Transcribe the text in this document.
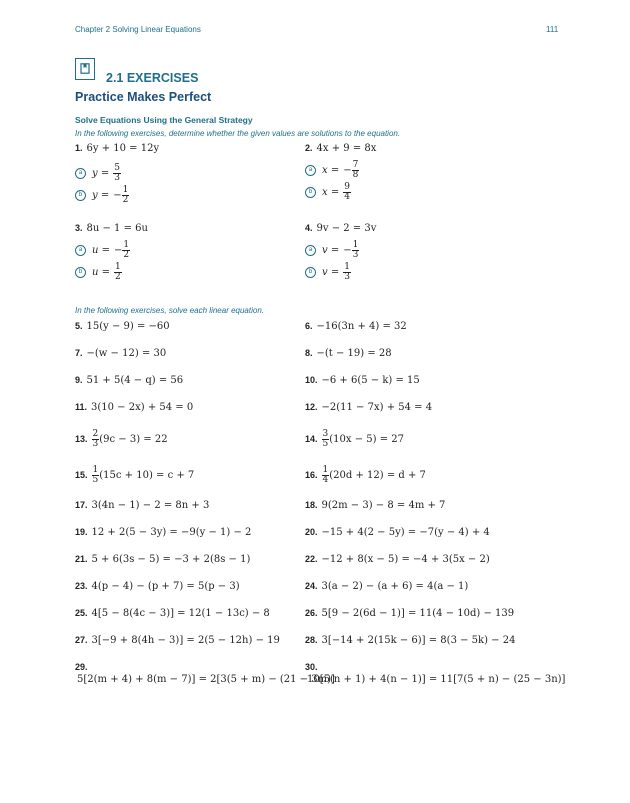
Chapter 2 Solving Linear Equations	111
2.1 EXERCISES
Practice Makes Perfect
Solve Equations Using the General Strategy
In the following exercises, determine whether the given values are solutions to the equation.
1. 6y + 10 = 12y
a $y = \frac{5}{3}$
b y = − $\frac{1}{2}$
2. 4x + 9 = 8x
a x = − $\frac{7}{8}$
b $x = \frac{9}{4}$
3. 8u − 1 = 6u
a u = − $\frac{1}{2}$
b $u = \frac{1}{2}$
4. 9v − 2 = 3v
a v = − $\frac{1}{3}$
b $v = \frac{1}{3}$
In the following exercises, solve each linear equation.
5. 15(y − 9) = −60	6. −16(3n + 4) = 32
7. −(w − 12) = 30	8. −(t − 19) = 28
9. 51 + 5(4 − q) = 56	10. −6 + 6(5 − k) = 15
11. 3(10 − 2x) + 54 = 0	12. −2(11 − 7x) + 54 = 4
13. $\frac{2}{3} (9c - 3) = 22$	14. $\frac{3}{5} (10x - 5) = 27$
15. $\frac{1}{5} (15c + 10) = c + 7$	16. $\frac{1}{4} (20d + 12) = d + 7$
17. 3(4n − 1) − 2 = 8n + 3	18. 9(2m − 3) − 8 = 4m + 7
19. 12 + 2(5 − 3y) = −9(y − 1) − 2	20. −15 + 4(2 − 5y) = −7(y − 4) + 4
21. 5 + 6(3s − 5) = −3 + 2(8s − 1)	22. −12 + 8(x − 5) = −4 + 3(5x − 2)
23. 4(p − 4) − (p + 7) = 5(p − 3)	24. 3(a − 2) − (a + 6) = 4(a − 1)
25. 4[5 − 8(4c − 3)] = 12(1 − 13c) − 8	26. 5[9 − 2(6d − 1)] = 11(4 − 10d) − 139
27. 3[−9 + 8(4h − 3)] = 2(5 − 12h) − 19	28. 3[−14 + 2(15k − 6)] = 8(3 − 5k) − 24
29.
5[2(m + 4) + 8(m − 7)] = 2[3(5 + m) − (21 − 3m)]
30.
10[5(n + 1) + 4(n − 1)] = 11[7(5 + n) − (25 − 3n)]
